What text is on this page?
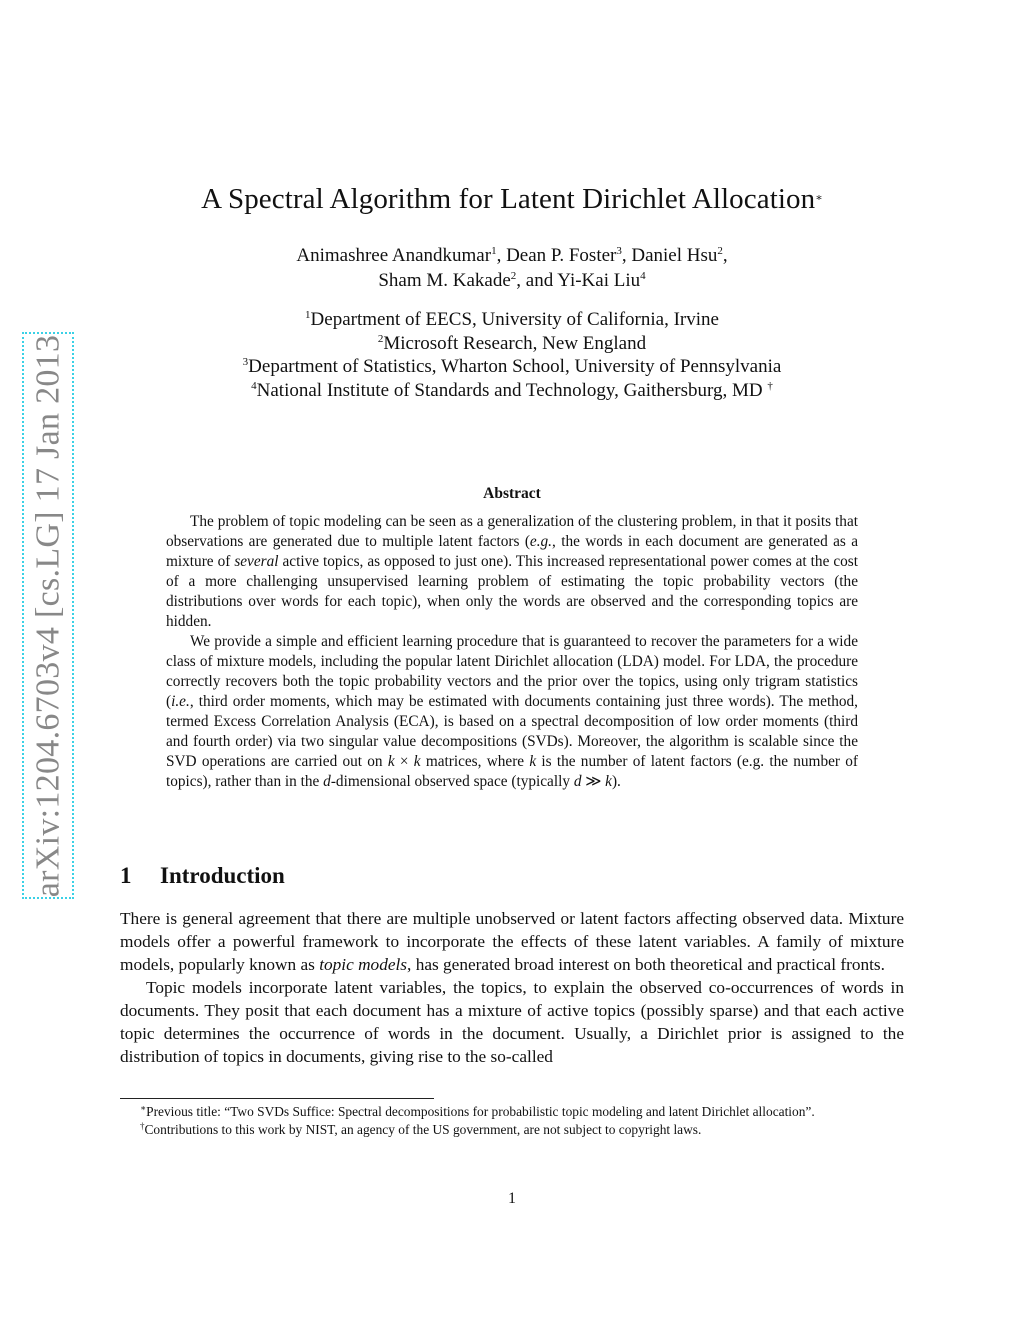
arXiv:1204.6703v4 [cs.LG] 17 Jan 2013
A Spectral Algorithm for Latent Dirichlet Allocation∗
Animashree Anandkumar$^1$, Dean P. Foster$^3$, Daniel Hsu$^2$,
Sham M. Kakade$^2$, and Yi-Kai Liu$^4$
$^1$Department of EECS, University of California, Irvine
$^2$Microsoft Research, New England
$^3$Department of Statistics, Wharton School, University of Pennsylvania
$^4$National Institute of Standards and Technology, Gaithersburg, MD †
Abstract

The problem of topic modeling can be seen as a generalization of the clustering problem, in that it posits that observations are generated due to multiple latent factors (e.g., the words in each document are generated as a mixture of several active topics, as opposed to just one). This increased representational power comes at the cost of a more challenging unsupervised learning problem of estimating the topic probability vectors (the distributions over words for each topic), when only the words are observed and the corresponding topics are hidden.

We provide a simple and efficient learning procedure that is guaranteed to recover the parameters for a wide class of mixture models, including the popular latent Dirichlet allocation (LDA) model. For LDA, the procedure correctly recovers both the topic probability vectors and the prior over the topics, using only trigram statistics (i.e., third order moments, which may be estimated with documents containing just three words). The method, termed Excess Correlation Analysis (ECA), is based on a spectral decomposition of low order moments (third and fourth order) via two singular value decompositions (SVDs). Moreover, the algorithm is scalable since the SVD operations are carried out on k × k matrices, where k is the number of latent factors (e.g. the number of topics), rather than in the d-dimensional observed space (typically d ≫ k).

1 Introduction

There is general agreement that there are multiple unobserved or latent factors affecting observed data. Mixture models offer a powerful framework to incorporate the effects of these latent variables. A family of mixture models, popularly known as topic models, has generated broad interest on both theoretical and practical fronts.

Topic models incorporate latent variables, the topics, to explain the observed co-occurrences of words in documents. They posit that each document has a mixture of active topics (possibly sparse) and that each active topic determines the occurrence of words in the document. Usually, a Dirichlet prior is assigned to the distribution of topics in documents, giving rise to the so-called

∗Previous title: “Two SVDs Suffice: Spectral decompositions for probabilistic topic modeling and latent Dirichlet allocation”.

†Contributions to this work by NIST, an agency of the US government, are not subject to copyright laws.

1
